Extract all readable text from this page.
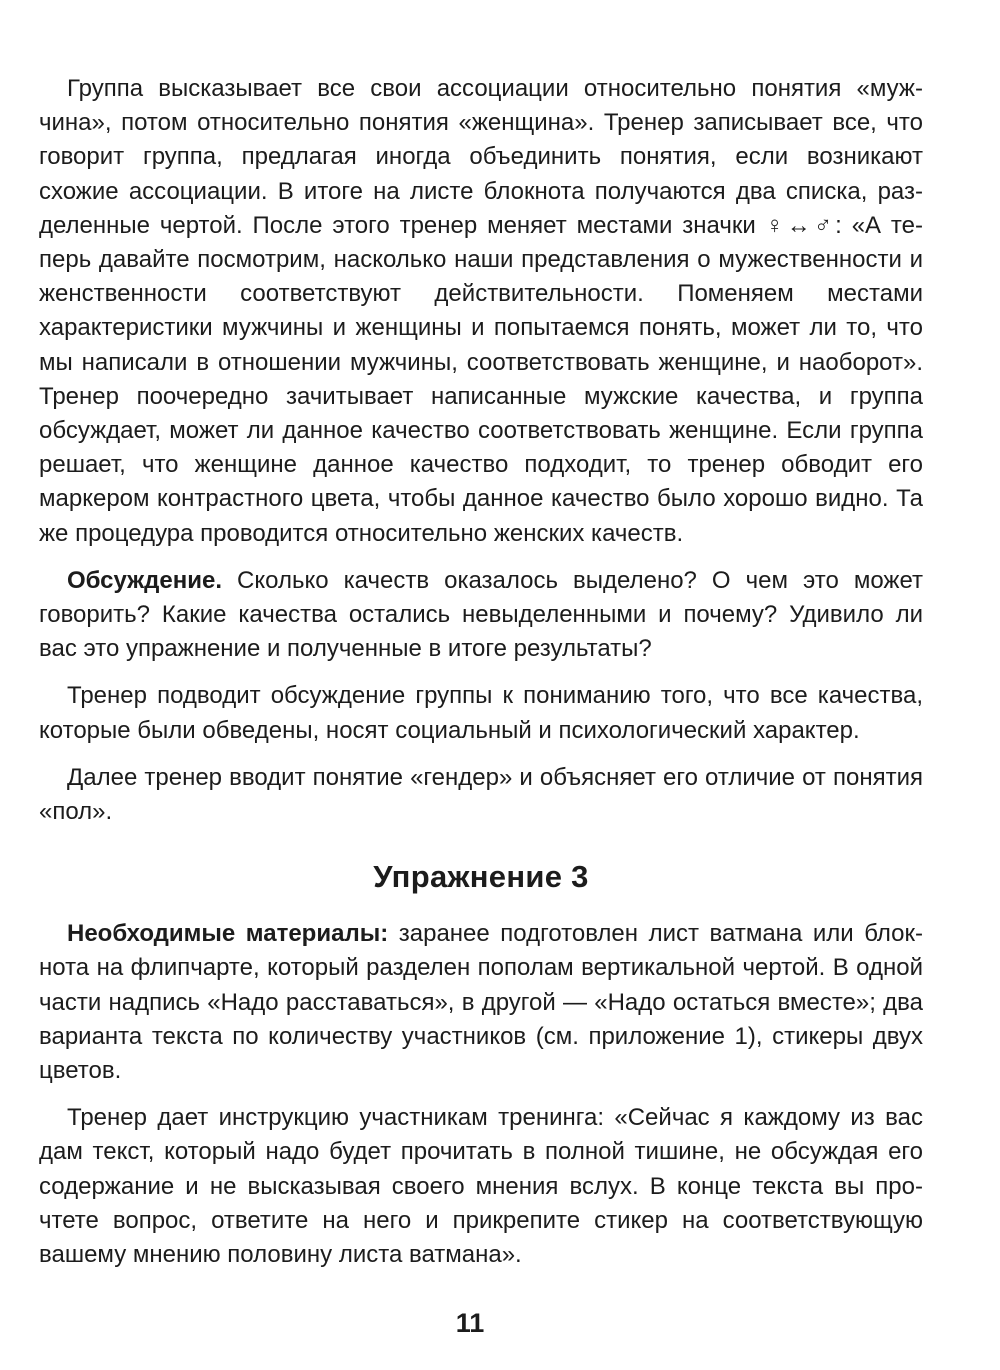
Группа высказывает все свои ассоциации относительно понятия «мужчина», потом относительно понятия «женщина». Тренер записывает все, что говорит группа, предлагая иногда объединить понятия, если возникают схожие ассоциации. В итоге на листе блокнота получаются два списка, разделенные чертой. После этого тренер меняет местами значки ♀↔♂: «А теперь давайте посмотрим, насколько наши представления о мужественности и женственности соответствуют действительности. Поменяем местами характеристики мужчины и женщины и попытаемся понять, может ли то, что мы написали в отношении мужчины, соответствовать женщине, и наоборот». Тренер поочередно зачитывает написанные мужские качества, и группа обсуждает, может ли данное качество соответствовать женщине. Если группа решает, что женщине данное качество подходит, то тренер обводит его маркером контрастного цвета, чтобы данное качество было хорошо видно. Та же процедура проводится относительно женских качеств.

Обсуждение. Сколько качеств оказалось выделено? О чем это может говорить? Какие качества остались невыделенными и почему? Удивило ли вас это упражнение и полученные в итоге результаты?

Тренер подводит обсуждение группы к пониманию того, что все качества, которые были обведены, носят социальный и психологический характер.

Далее тренер вводит понятие «гендер» и объясняет его отличие от понятия «пол».

Упражнение 3

Необходимые материалы: заранее подготовлен лист ватмана или блокнота на флипчарте, который разделен пополам вертикальной чертой. В одной части надпись «Надо расставаться», в другой — «Надо остаться вместе»; два варианта текста по количеству участников (см. приложение 1), стикеры двух цветов.

Тренер дает инструкцию участникам тренинга: «Сейчас я каждому из вас дам текст, который надо будет прочитать в полной тишине, не обсуждая его содержание и не высказывая своего мнения вслух. В конце текста вы прочтете вопрос, ответите на него и прикрепите стикер на соответствующую вашему мнению половину листа ватмана».

11
